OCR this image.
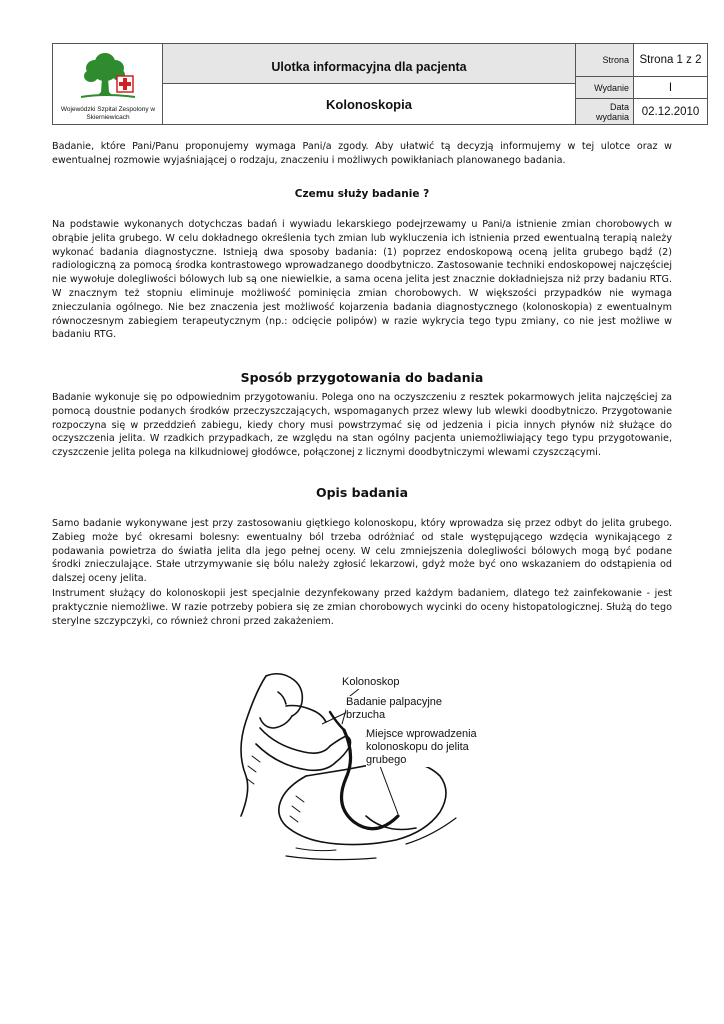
Wojewódzki Szpital Zespolony w Skierniewicach
Ulotka informacyjna dla pacjenta
Kolonoskopia
Strona Strona 1 z 2
Wydanie	I
Data wydania	02.12.2010

Badanie, które Pani/Panu proponujemy wymaga Pani/a zgody. Aby ułatwić tą decyzją informujemy w tej ulotce oraz w ewentualnej rozmowie wyjaśniającej o rodzaju, znaczeniu i możliwych powikłaniach planowanego badania.

Czemu służy badanie ?

Na podstawie wykonanych dotychczas badań i wywiadu lekarskiego podejrzewamy u Pani/a istnienie zmian chorobowych w obrąbie jelita grubego. W celu dokładnego określenia tych zmian lub wykluczenia ich istnienia przed ewentualną terapią należy wykonać badania diagnostyczne. Istnieją dwa sposoby badania: (1) poprzez endoskopową oceną jelita grubego bądź (2) radiologiczną za pomocą środka kontrastowego wprowadzanego doodbytniczo. Zastosowanie techniki endoskopowej najczęściej nie wywołuje dolegliwości bólowych lub są one niewielkie, a sama ocena jelita jest znacznie dokładniejsza niż przy badaniu RTG. W znacznym też stopniu eliminuje możliwość pominięcia zmian chorobowych. W większości przypadków nie wymaga znieczulania ogólnego. Nie bez znaczenia jest możliwość kojarzenia badania diagnostycznego (kolonoskopia) z ewentualnym równoczesnym zabiegiem terapeutycznym (np.: odcięcie polipów) w razie wykrycia tego typu zmiany, co nie jest możliwe w badaniu RTG.

Sposób przygotowania do badania

Badanie wykonuje się po odpowiednim przygotowaniu. Polega ono na oczyszczeniu z resztek pokarmowych jelita najczęściej za pomocą doustnie podanych środków przeczyszczających, wspomaganych przez wlewy lub wlewki doodbytniczo. Przygotowanie rozpoczyna się w przeddzień zabiegu, kiedy chory musi powstrzymać się od jedzenia i picia innych płynów niż służące do oczyszczenia jelita. W rzadkich przypadkach, ze względu na stan ogólny pacjenta uniemożliwiający tego typu przygotowanie, czyszczenie jelita polega na kilkudniowej głodówce, połączonej z licznymi doodbytniczymi wlewami czyszczącymi.

Opis badania

Samo badanie wykonywane jest przy zastosowaniu giętkiego kolonoskopu, który wprowadza się przez odbyt do jelita grubego. Zabieg może być okresami bolesny: ewentualny ból trzeba odróżniać od stale występującego wzdęcia wynikającego z podawania powietrza do światła jelita dla jego pełnej oceny. W celu zmniejszenia dolegliwości bólowych mogą być podane środki znieczulające. Stałe utrzymywanie się bólu należy zgłosić lekarzowi, gdyż może być ono wskazaniem do odstąpienia od dalszej oceny jelita.

Instrument służący do kolonoskopii jest specjalnie dezynfekowany przed każdym badaniem, dlatego też zainfekowanie - jest praktycznie niemożliwe. W razie potrzeby pobiera się ze zmian chorobowych wycinki do oceny histopatologicznej. Służą do tego sterylne szczypczyki, co również chroni przed zakażeniem.

Kolonoskop
Badanie palpacyjne brzucha
Miejsce wprowadzenia kolonoskopu do jelita grubego
